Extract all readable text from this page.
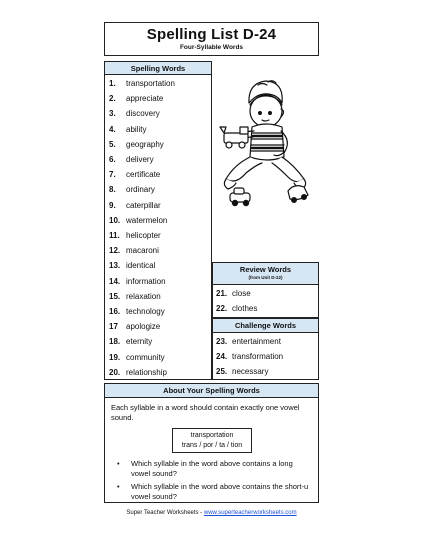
Spelling List D-24
Four-Syllable Words
Spelling Words
1. transportation
2. appreciate
3. discovery
4. ability
5. geography
6. delivery
7. certificate
8. ordinary
9. caterpillar
10. watermelon
11. helicopter
12. macaroni
13. identical
14. information
15. relaxation
16. technology
17 apologize
18. eternity
19. community
20. relationship
Review Words
(from Unit D-22)
21. close
22. clothes
Challenge Words
23. entertainment
24. transformation
25. necessary
About Your Spelling Words
Each syllable in a word should contain exactly one vowel sound.
transportation
trans / por / ta / tion
• Which syllable in the word above contains a long vowel sound?
• Which syllable in the word above contains the short-u vowel sound?
Super Teacher Worksheets - www.superteacherworksheets.com
